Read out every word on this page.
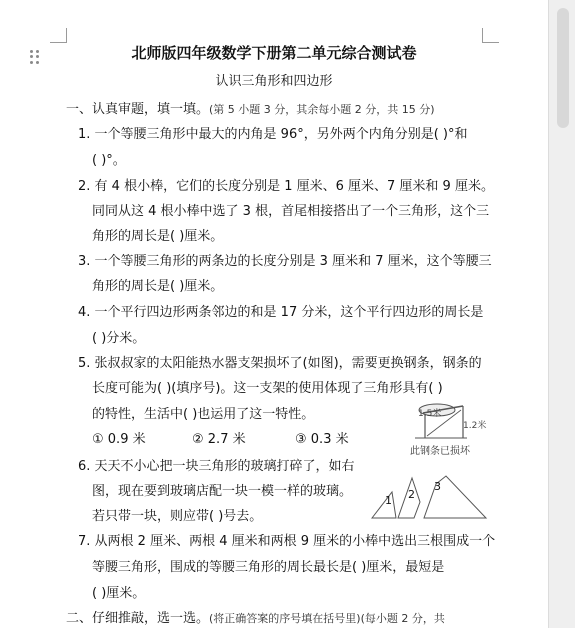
北师版四年级数学下册第二单元综合测试卷
认识三角形和四边形
一、认真审题，填一填。(第 5 小题 3 分，其余每小题 2 分，共 15 分)
1. 一个等腰三角形中最大的内角是 96°，另外两个内角分别是( )°和
( )°。
2. 有 4 根小棒，它们的长度分别是 1 厘米、6 厘米、7 厘米和 9 厘米。
同同从这 4 根小棒中选了 3 根，首尾相接搭出了一个三角形，这个三
角形的周长是( )厘米。
3. 一个等腰三角形的两条边的长度分别是 3 厘米和 7 厘米，这个等腰三
角形的周长是( )厘米。
4. 一个平行四边形两条邻边的和是 17 分米，这个平行四边形的周长是
( )分米。
5. 张叔叔家的太阳能热水器支架损坏了(如图)，需要更换钢条，钢条的
长度可能为( )(填序号)。这一支架的使用体现了三角形具有( )
的特性，生活中( )也运用了这一特性。
① 0.9 米	② 2.7 米	③ 0.3 米
1.2米
1.5米
此钢条已损坏
6. 天天不小心把一块三角形的玻璃打碎了，如右
图，现在要到玻璃店配一块一模一样的玻璃。
若只带一块，则应带( )号去。
1 2
3
7. 从两根 2 厘米、两根 4 厘米和两根 9 厘米的小棒中选出三根围成一个
等腰三角形，围成的等腰三角形的周长最长是( )厘米，最短是
( )厘米。
二、仔细推敲，选一选。(将正确答案的序号填在括号里)(每小题 2 分，共
